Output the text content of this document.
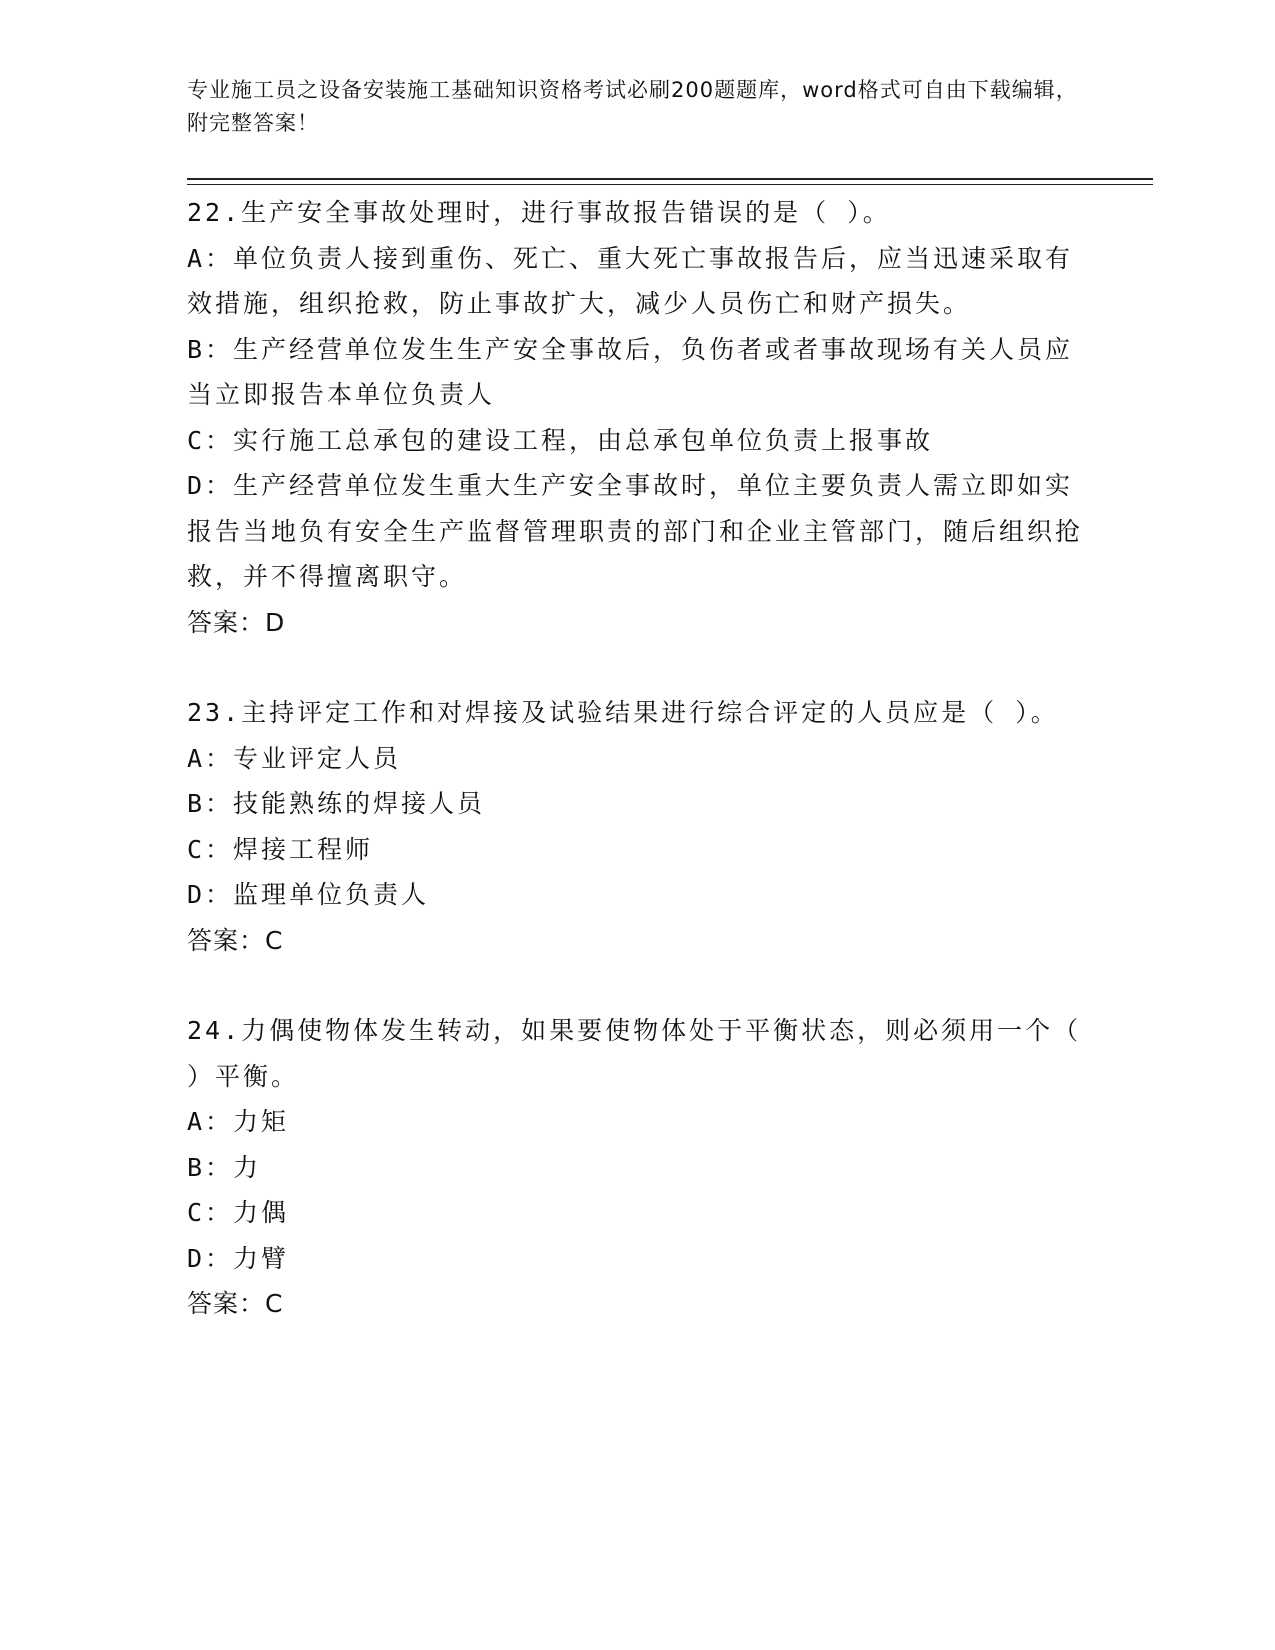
专业施工员之设备安装施工基础知识资格考试必刷200题题库，word格式可自由下载编辑，附完整答案！

22.生产安全事故处理时，进行事故报告错误的是（ ）。

A：单位负责人接到重伤、死亡、重大死亡事故报告后，应当迅速采取有效措施，组织抢救，防止事故扩大，减少人员伤亡和财产损失。

B：生产经营单位发生生产安全事故后，负伤者或者事故现场有关人员应当立即报告本单位负责人

C：实行施工总承包的建设工程，由总承包单位负责上报事故

D：生产经营单位发生重大生产安全事故时，单位主要负责人需立即如实报告当地负有安全生产监督管理职责的部门和企业主管部门，随后组织抢救，并不得擅离职守。

答案：D

23.主持评定工作和对焊接及试验结果进行综合评定的人员应是（ ）。

A：专业评定人员

B：技能熟练的焊接人员

C：焊接工程师

D：监理单位负责人

答案：C

24.力偶使物体发生转动，如果要使物体处于平衡状态，则必须用一个（ ）平衡。

A：力矩

B：力

C：力偶

D：力臂

答案：C
